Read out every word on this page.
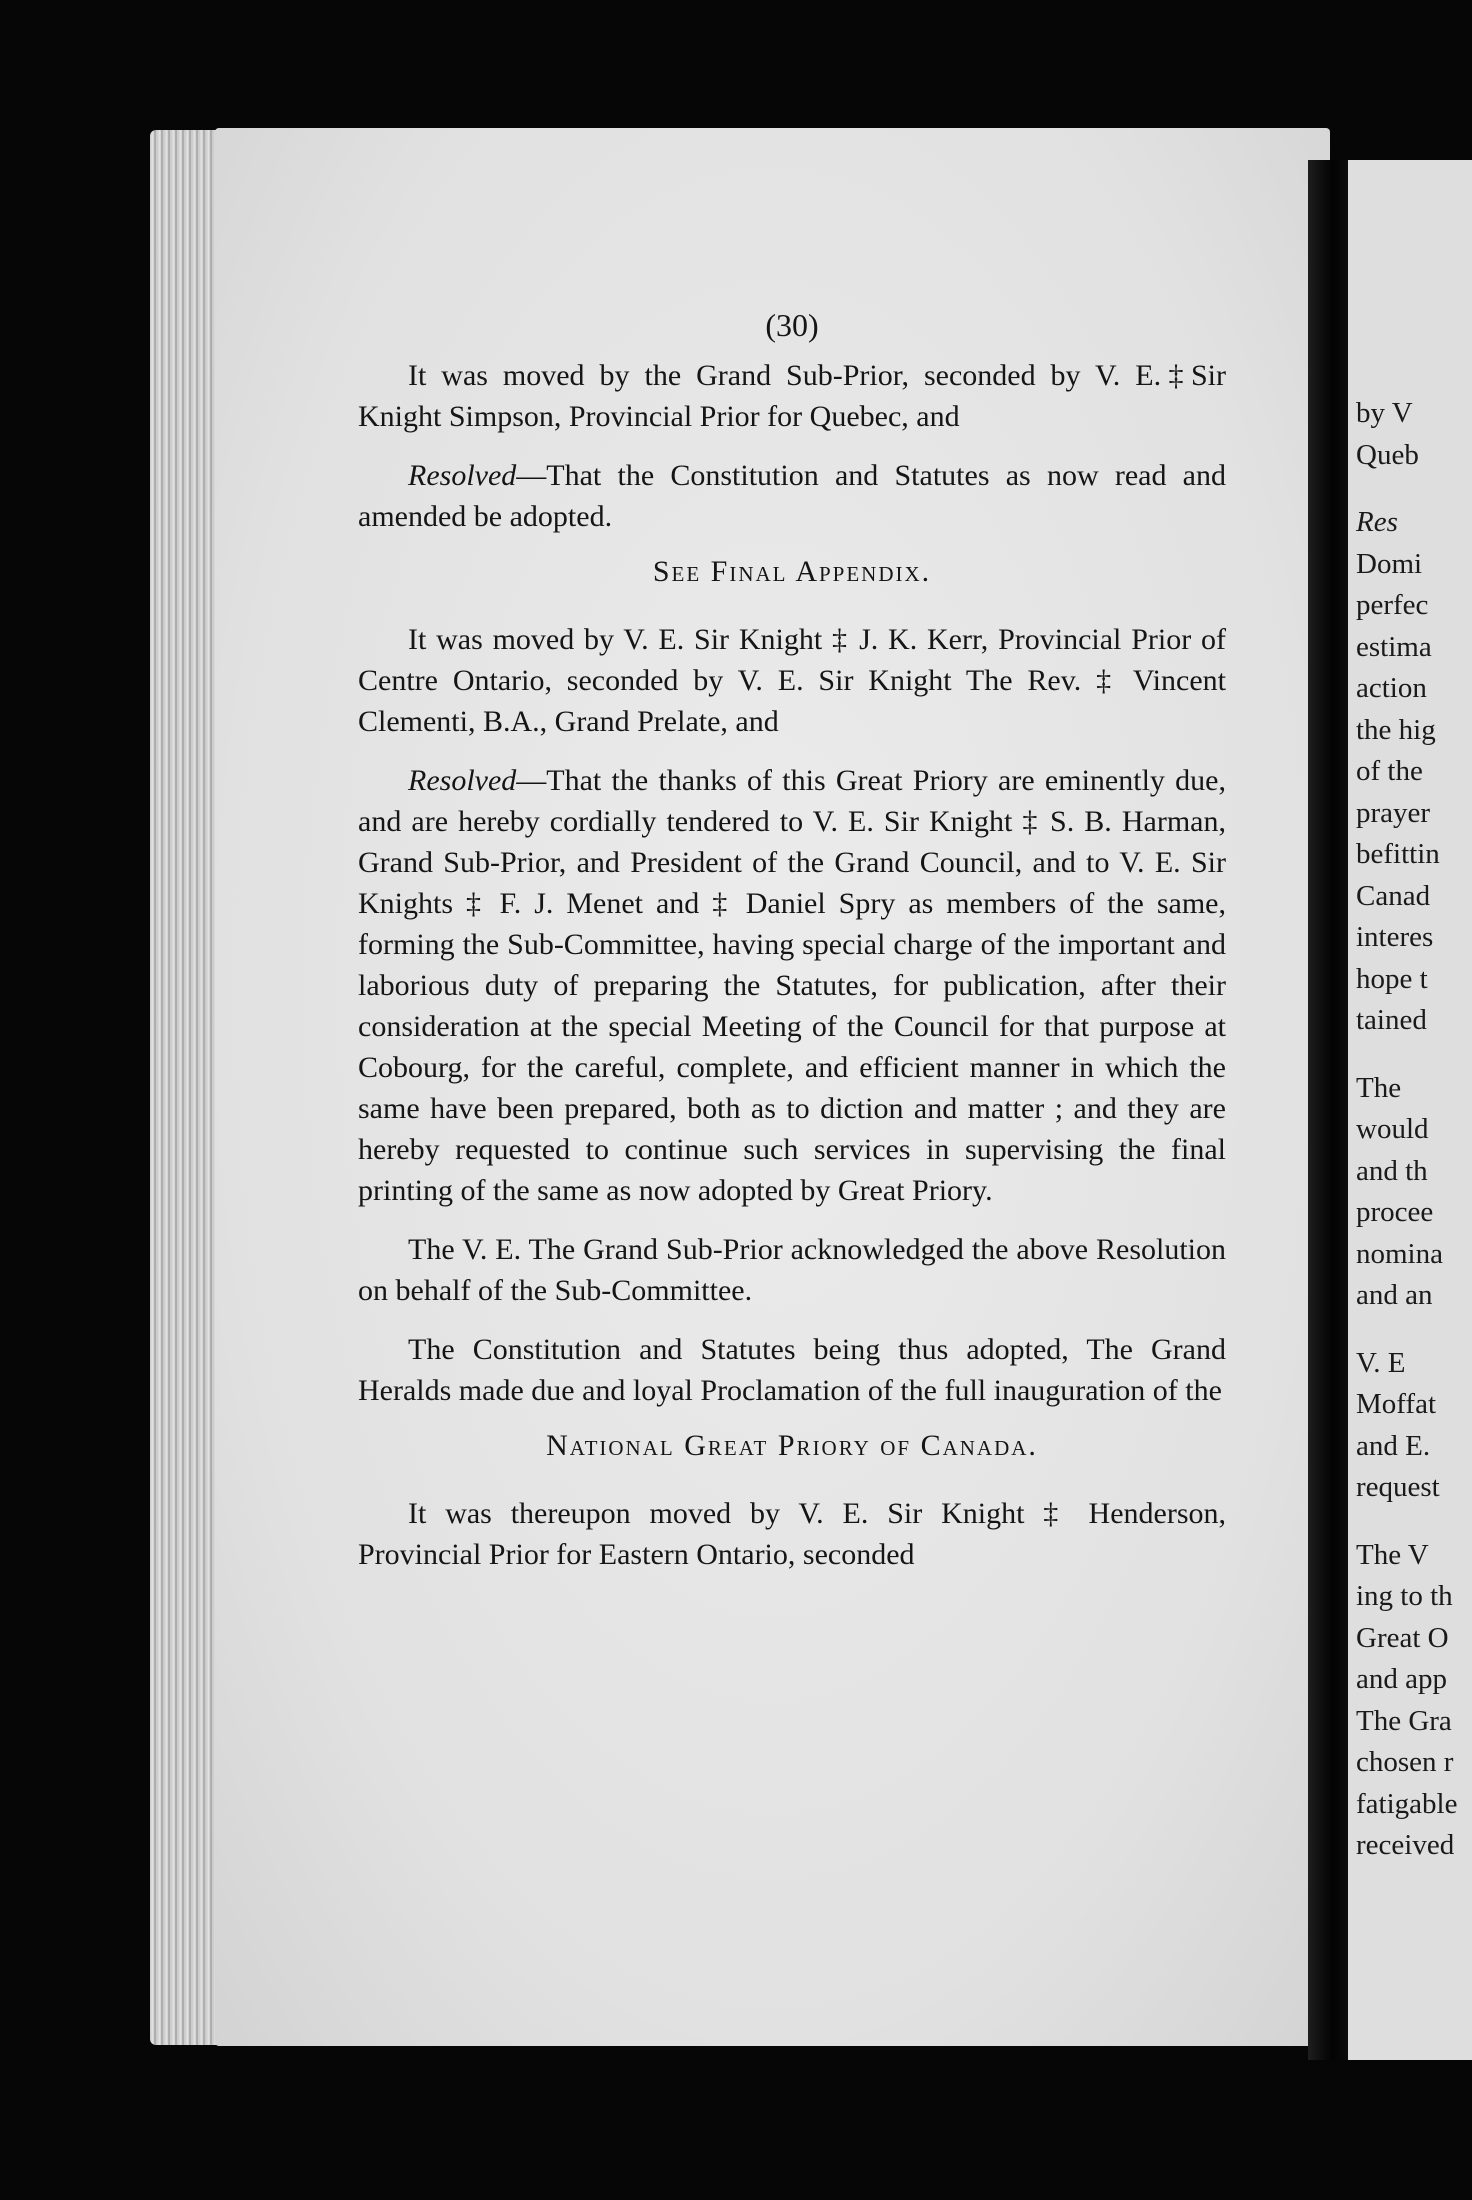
by V
Queb
Res
Domi
perfec
estima
action
the hig
of the
prayer
befittin
Canad
interes
hope t
tained
The
would
and th
procee
nomina
and an
V. E
Moffat
and E.
request
The V
ing to th
Great O
and app
The Gra
chosen r
fatigable
received
(30)

It was moved by the Grand Sub-Prior, seconded by V. E.‡Sir Knight Simpson, Provincial Prior for Quebec, and

Resolved—That the Constitution and Statutes as now read and amended be adopted.

See Final Appendix.

It was moved by V. E. Sir Knight ‡ J. K. Kerr, Provincial Prior of Centre Ontario, seconded by V. E. Sir Knight The Rev. ‡ Vincent Clementi, B.A., Grand Prelate, and

Resolved—That the thanks of this Great Priory are eminently due, and are hereby cordially tendered to V. E. Sir Knight ‡ S. B. Harman, Grand Sub-Prior, and President of the Grand Council, and to V. E. Sir Knights ‡ F. J. Menet and ‡ Daniel Spry as members of the same, forming the Sub-Committee, having special charge of the important and laborious duty of preparing the Statutes, for publication, after their consideration at the special Meeting of the Council for that purpose at Cobourg, for the careful, complete, and efficient manner in which the same have been prepared, both as to diction and matter ; and they are hereby requested to continue such services in supervising the final printing of the same as now adopted by Great Priory.

The V. E. The Grand Sub-Prior acknowledged the above Resolution on behalf of the Sub-Committee.

The Constitution and Statutes being thus adopted, The Grand Heralds made due and loyal Proclamation of the full inauguration of the

National Great Priory of Canada.

It was thereupon moved by V. E. Sir Knight ‡ Henderson, Provincial Prior for Eastern Ontario, seconded
